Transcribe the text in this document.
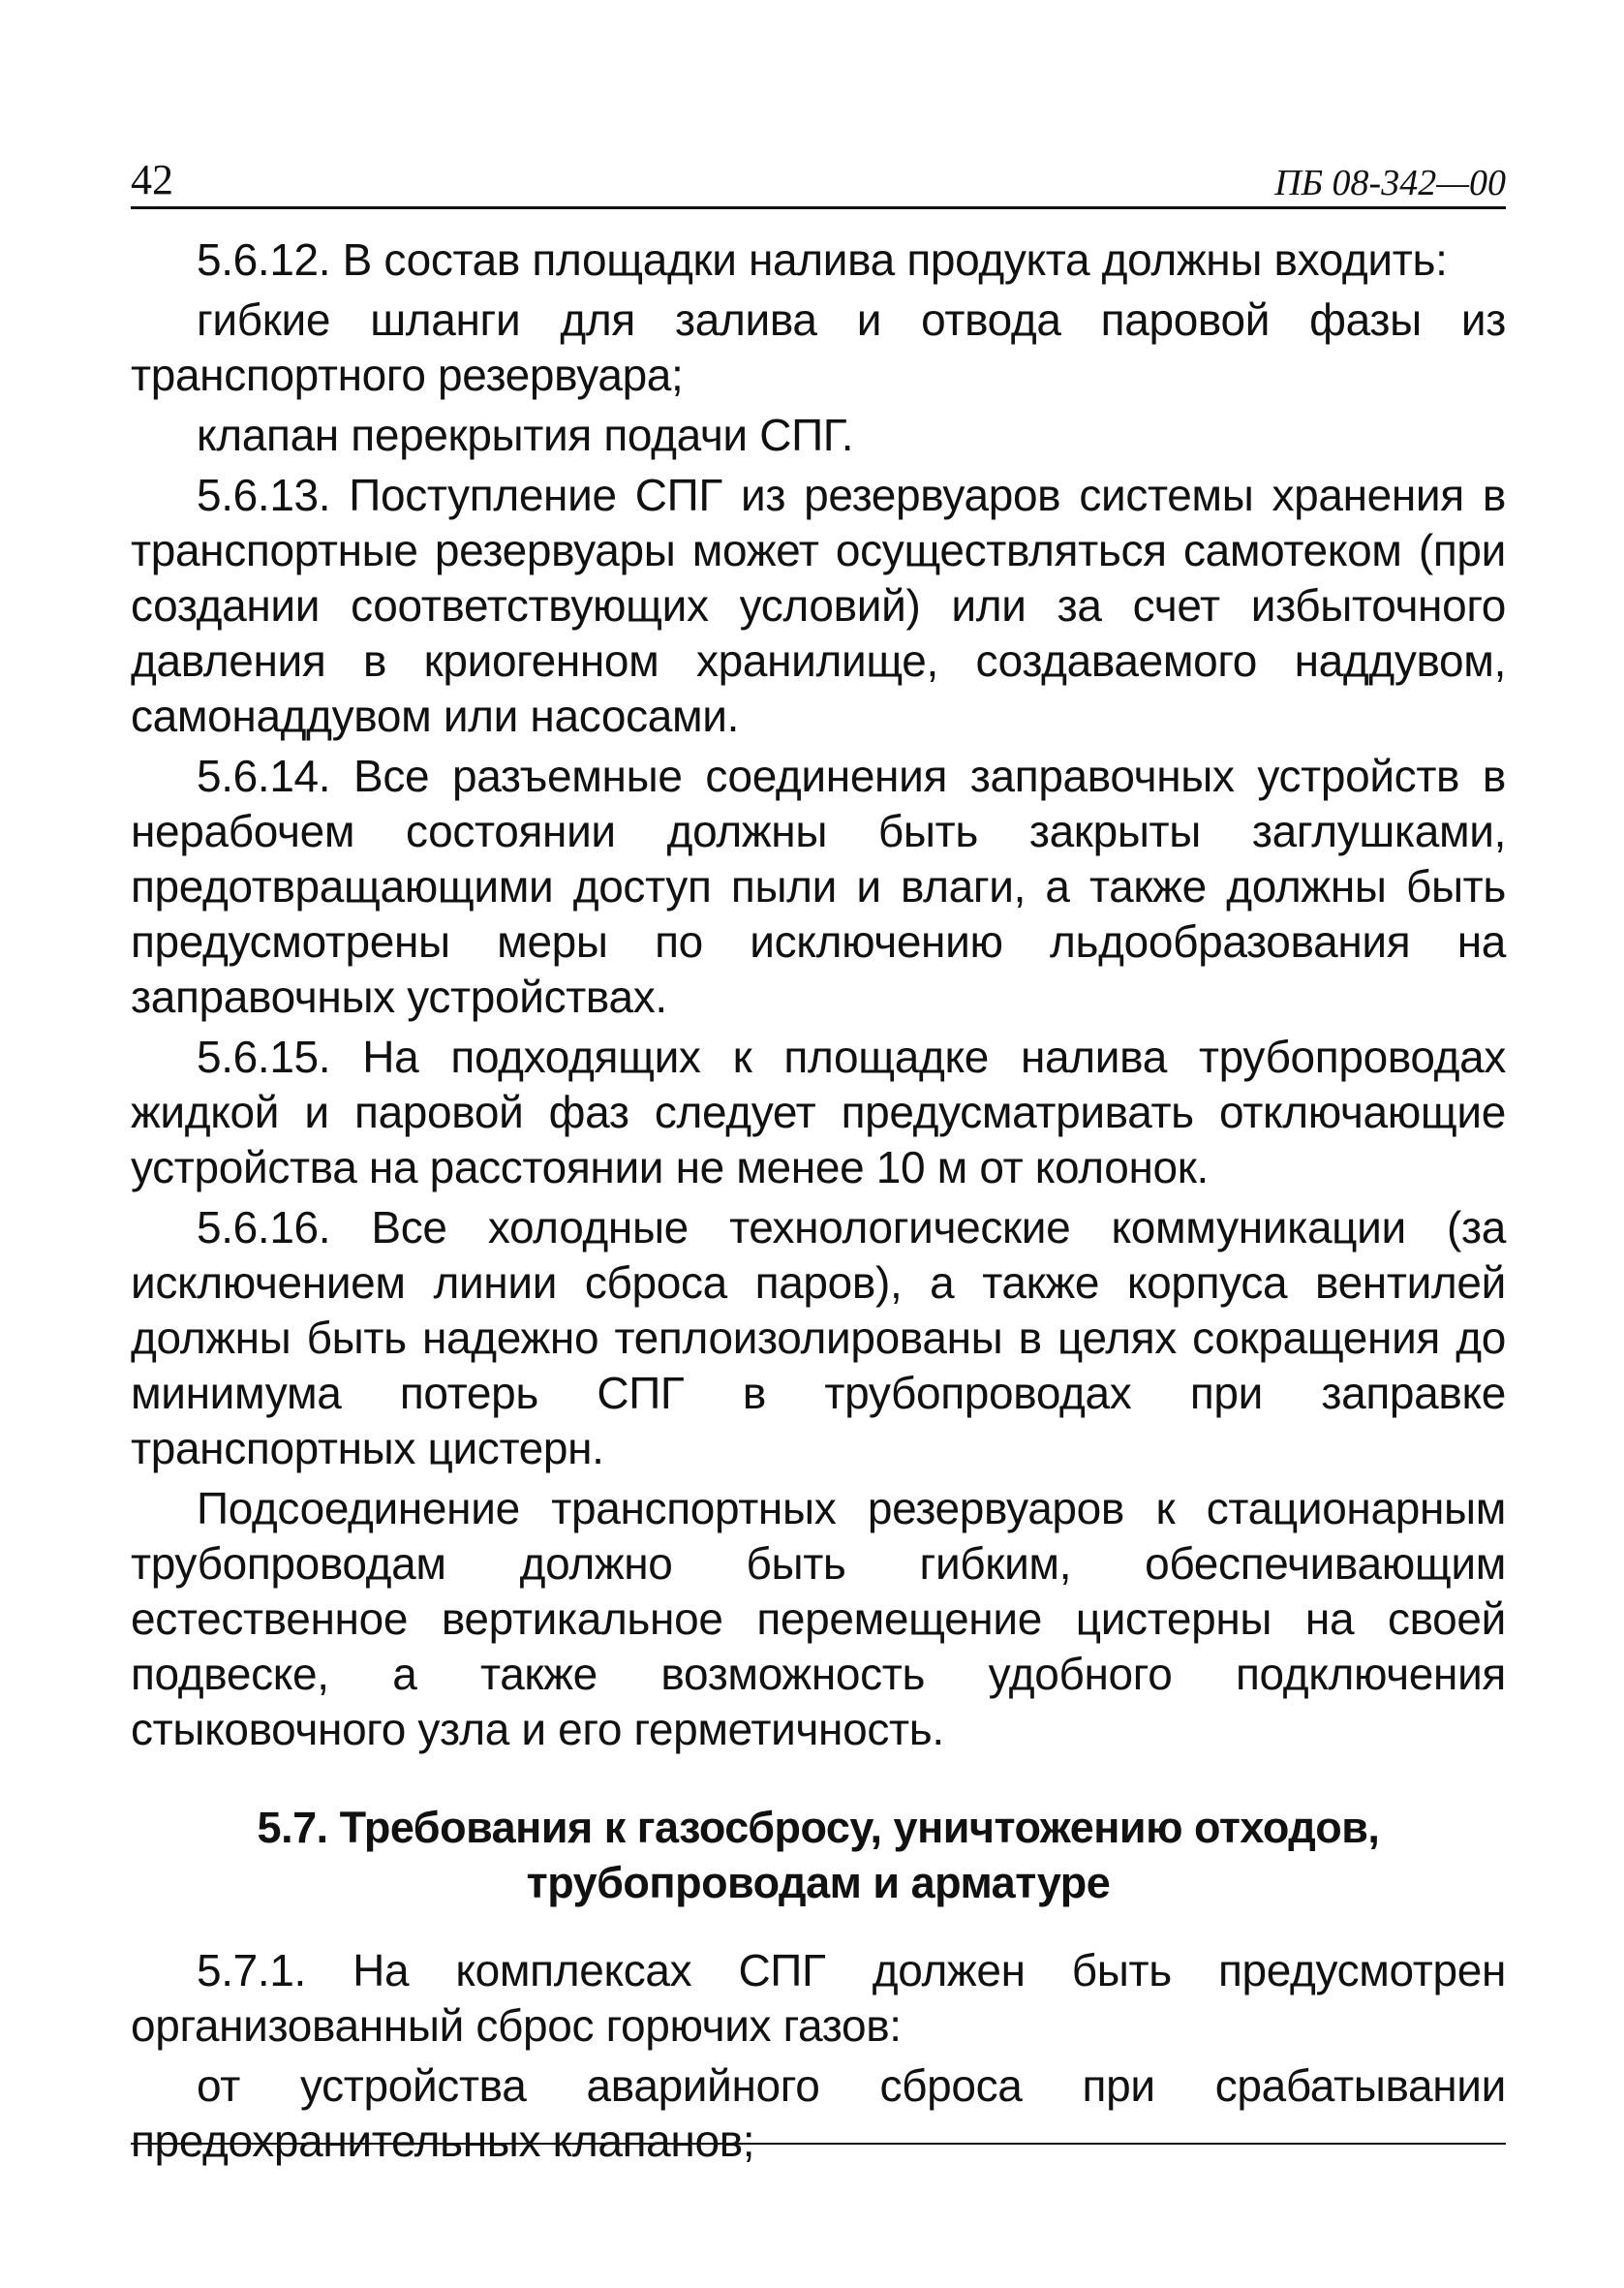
42	ПБ 08-342—00

5.6.12. В состав площадки налива продукта должны входить:

гибкие шланги для залива и отвода паровой фазы из транспортного резервуара;

клапан перекрытия подачи СПГ.

5.6.13. Поступление СПГ из резервуаров системы хранения в транспортные резервуары может осуществляться самотеком (при создании соответствующих условий) или за счет избыточного давления в криогенном хранилище, создаваемого наддувом, самонаддувом или насосами.

5.6.14. Все разъемные соединения заправочных устройств в нерабочем состоянии должны быть закрыты заглушками, предотвращающими доступ пыли и влаги, а также должны быть предусмотрены меры по исключению льдообразования на заправочных устройствах.

5.6.15. На подходящих к площадке налива трубопроводах жидкой и паровой фаз следует предусматривать отключающие устройства на расстоянии не менее 10 м от колонок.

5.6.16. Все холодные технологические коммуникации (за исключением линии сброса паров), а также корпуса вентилей должны быть надежно теплоизолированы в целях сокращения до минимума потерь СПГ в трубопроводах при заправке транспортных цистерн.

Подсоединение транспортных резервуаров к стационарным трубопроводам должно быть гибким, обеспечивающим естественное вертикальное перемещение цистерны на своей подвеске, а также возможность удобного подключения стыковочного узла и его герметичность.

5.7. Требования к газосбросу, уничтожению отходов,
трубопроводам и арматуре

5.7.1. На комплексах СПГ должен быть предусмотрен организованный сброс горючих газов:

от устройства аварийного сброса при срабатывании предохранительных клапанов;
